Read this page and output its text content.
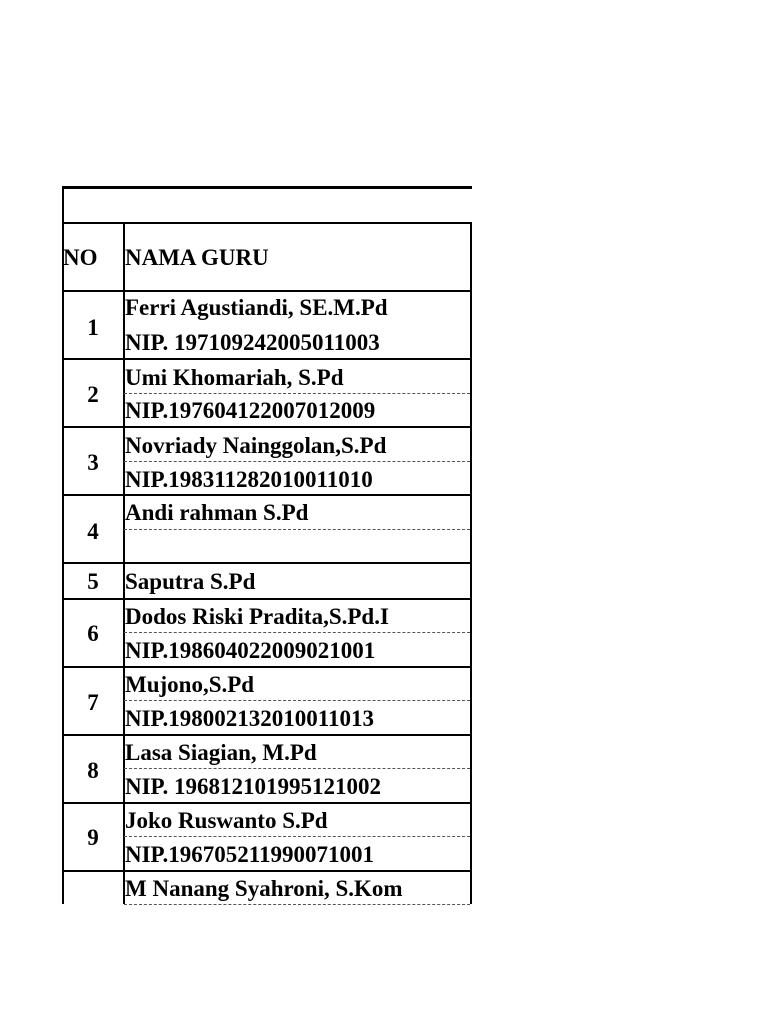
NO NAMA GURU
1
Ferri Agustiandi, SE.M.Pd
NIP. 197109242005011003
2
Umi Khomariah, S.Pd
NIP.197604122007012009
3
Novriady Nainggolan,S.Pd
NIP.198311282010011010
4
Andi rahman S.Pd
5	Saputra S.Pd
6
Dodos Riski Pradita,S.Pd.I
NIP.198604022009021001
7
Mujono,S.Pd
NIP.198002132010011013
8
Lasa Siagian, M.Pd
NIP. 196812101995121002
9
Joko Ruswanto S.Pd
NIP.196705211990071001
M Nanang Syahroni, S.Kom
